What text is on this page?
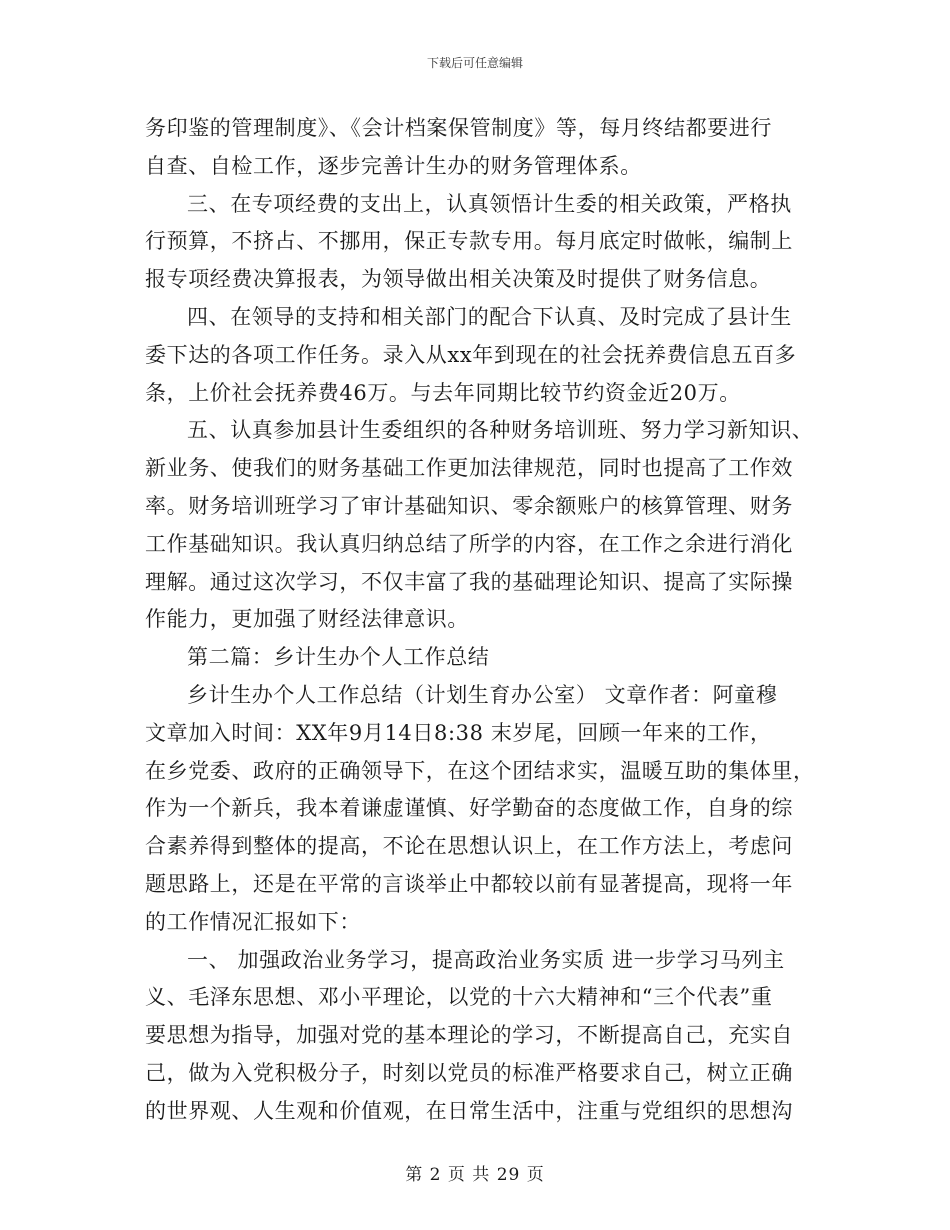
下载后可任意编辑
务印鉴的管理制度》、《会计档案保管制度》等，每月终结都要进行
自查、自检工作，逐步完善计生办的财务管理体系。
三、在专项经费的支出上，认真领悟计生委的相关政策，严格执
行预算，不挤占、不挪用，保正专款专用。每月底定时做帐，编制上
报专项经费决算报表，为领导做出相关决策及时提供了财务信息。
四、在领导的支持和相关部门的配合下认真、及时完成了县计生
委下达的各项工作任务。录入从xx年到现在的社会抚养费信息五百多
条，上价社会抚养费46万。与去年同期比较节约资金近20万。
五、认真参加县计生委组织的各种财务培训班、努力学习新知识、
新业务、使我们的财务基础工作更加法律规范，同时也提高了工作效
率。财务培训班学习了审计基础知识、零余额账户的核算管理、财务
工作基础知识。我认真归纳总结了所学的内容，在工作之余进行消化
理解。通过这次学习，不仅丰富了我的基础理论知识、提高了实际操
作能力，更加强了财经法律意识。
第二篇：乡计生办个人工作总结
乡计生办个人工作总结（计划生育办公室） 文章作者：阿童穆
文章加入时间：XX年9月14日8:38 末岁尾，回顾一年来的工作，
在乡党委、政府的正确领导下，在这个团结求实，温暖互助的集体里，
作为一个新兵，我本着谦虚谨慎、好学勤奋的态度做工作，自身的综
合素养得到整体的提高，不论在思想认识上，在工作方法上，考虑问
题思路上，还是在平常的言谈举止中都较以前有显著提高，现将一年
的工作情况汇报如下：
一、 加强政治业务学习，提高政治业务实质 进一步学习马列主
义、毛泽东思想、邓小平理论，以党的十六大精神和“三个代表”重
要思想为指导，加强对党的基本理论的学习，不断提高自己，充实自
己，做为入党积极分子，时刻以党员的标准严格要求自己，树立正确
的世界观、人生观和价值观，在日常生活中，注重与党组织的思想沟
第 2 页 共 29 页
